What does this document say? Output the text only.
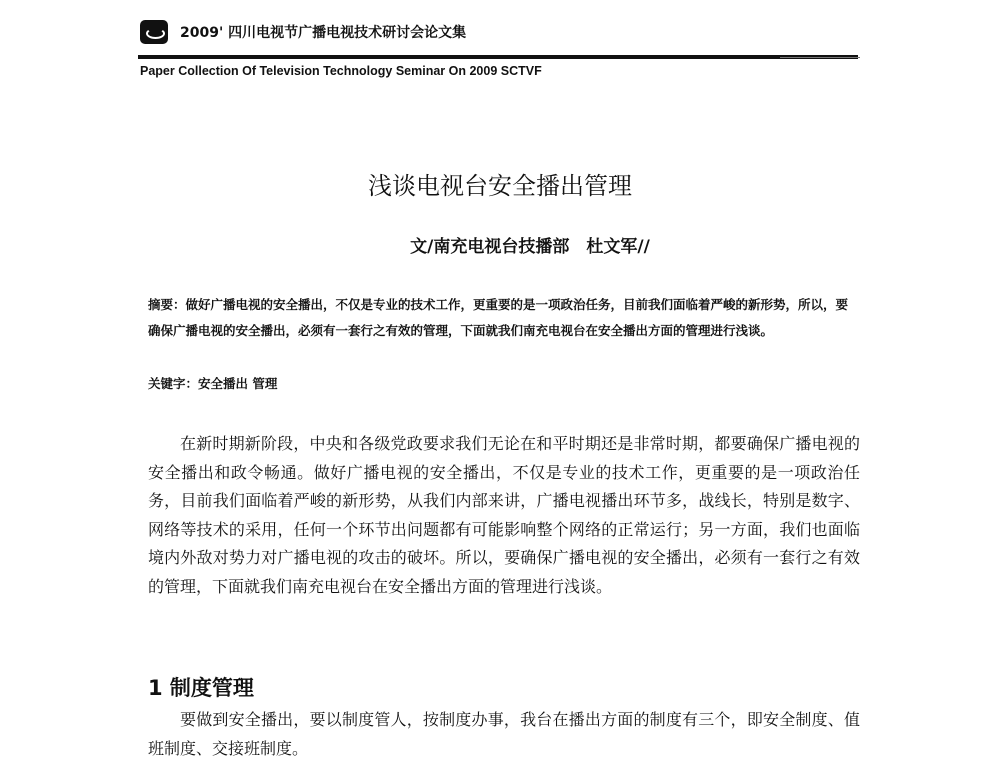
2009' 四川电视节广播电视技术研讨会论文集
Paper Collection Of Television Technology Seminar On 2009 SCTVF
浅谈电视台安全播出管理
文/南充电视台技播部　杜文军//
摘要：做好广播电视的安全播出，不仅是专业的技术工作，更重要的是一项政治任务，目前我们面临着严峻的新形势，所以，要确保广播电视的安全播出，必须有一套行之有效的管理，下面就我们南充电视台在安全播出方面的管理进行浅谈。
关键字：安全播出 管理
在新时期新阶段，中央和各级党政要求我们无论在和平时期还是非常时期，都要确保广播电视的安全播出和政令畅通。做好广播电视的安全播出，不仅是专业的技术工作，更重要的是一项政治任务，目前我们面临着严峻的新形势，从我们内部来讲，广播电视播出环节多，战线长，特别是数字、网络等技术的采用，任何一个环节出问题都有可能影响整个网络的正常运行；另一方面，我们也面临境内外敌对势力对广播电视的攻击的破坏。所以，要确保广播电视的安全播出，必须有一套行之有效的管理，下面就我们南充电视台在安全播出方面的管理进行浅谈。
1 制度管理
要做到安全播出，要以制度管人，按制度办事，我台在播出方面的制度有三个，即安全制度、值班制度、交接班制度。
